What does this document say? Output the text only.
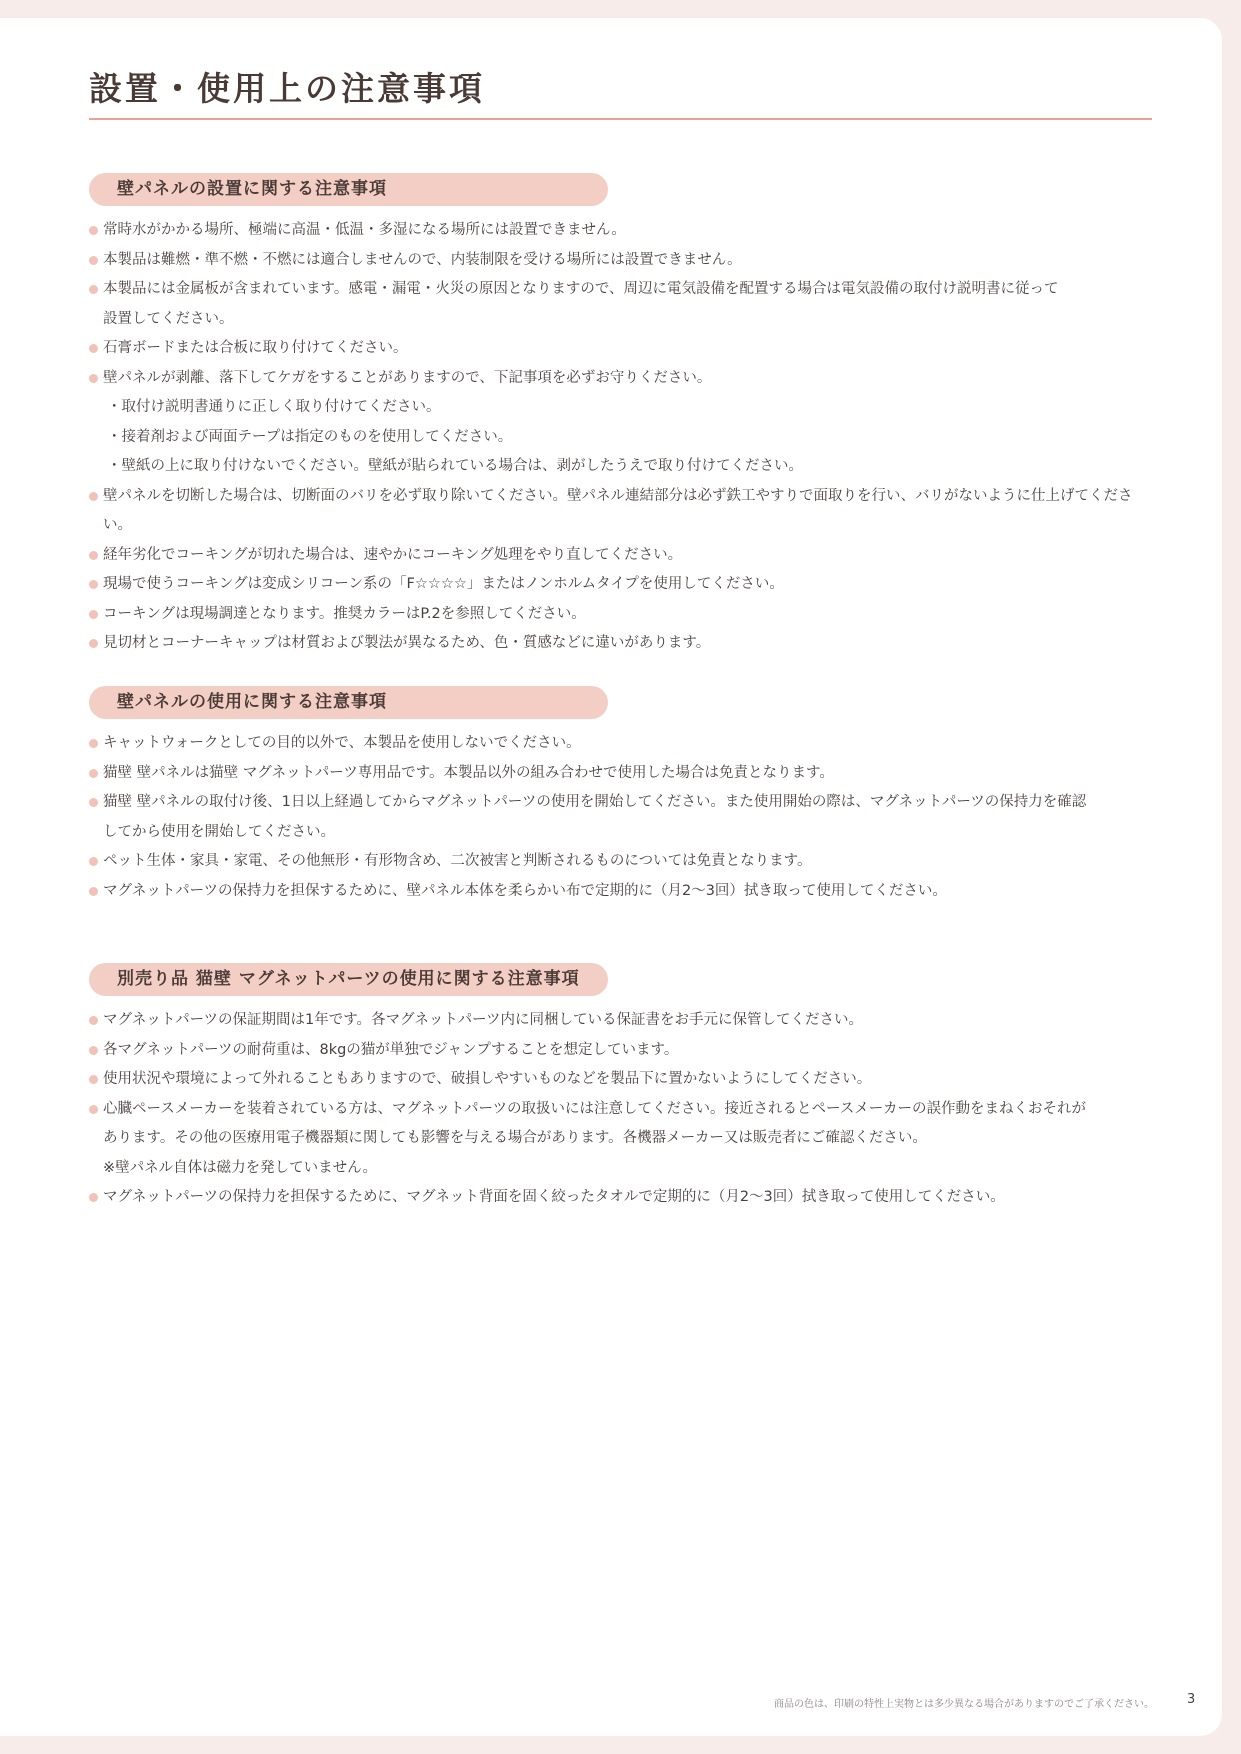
設置・使用上の注意事項
壁パネルの設置に関する注意事項
常時水がかかる場所、極端に高温・低温・多湿になる場所には設置できません。
本製品は難燃・準不燃・不燃には適合しませんので、内装制限を受ける場所には設置できません。
本製品には金属板が含まれています。感電・漏電・火災の原因となりますので、周辺に電気設備を配置する場合は電気設備の取付け説明書に従って
設置してください。
石膏ボードまたは合板に取り付けてください。
壁パネルが剥離、落下してケガをすることがありますので、下記事項を必ずお守りください。
・取付け説明書通りに正しく取り付けてください。
・接着剤および両面テープは指定のものを使用してください。
・壁紙の上に取り付けないでください。壁紙が貼られている場合は、剥がしたうえで取り付けてください。
壁パネルを切断した場合は、切断面のバリを必ず取り除いてください。壁パネル連結部分は必ず鉄工やすりで面取りを行い、バリがないように仕上げてください。
経年劣化でコーキングが切れた場合は、速やかにコーキング処理をやり直してください。
現場で使うコーキングは変成シリコーン系の「F☆☆☆☆」またはノンホルムタイプを使用してください。
コーキングは現場調達となります。推奨カラーはP.2を参照してください。
見切材とコーナーキャップは材質および製法が異なるため、色・質感などに違いがあります。
壁パネルの使用に関する注意事項
キャットウォークとしての目的以外で、本製品を使用しないでください。
猫壁 壁パネルは猫壁 マグネットパーツ専用品です。本製品以外の組み合わせで使用した場合は免責となります。
猫壁 壁パネルの取付け後、1日以上経過してからマグネットパーツの使用を開始してください。また使用開始の際は、マグネットパーツの保持力を確認
してから使用を開始してください。
ペット生体・家具・家電、その他無形・有形物含め、二次被害と判断されるものについては免責となります。
マグネットパーツの保持力を担保するために、壁パネル本体を柔らかい布で定期的に（月2〜3回）拭き取って使用してください。
別売り品 猫壁 マグネットパーツの使用に関する注意事項
マグネットパーツの保証期間は1年です。各マグネットパーツ内に同梱している保証書をお手元に保管してください。
各マグネットパーツの耐荷重は、8kgの猫が単独でジャンプすることを想定しています。
使用状況や環境によって外れることもありますので、破損しやすいものなどを製品下に置かないようにしてください。
心臓ペースメーカーを装着されている方は、マグネットパーツの取扱いには注意してください。接近されるとペースメーカーの誤作動をまねくおそれが
あります。その他の医療用電子機器類に関しても影響を与える場合があります。各機器メーカー又は販売者にご確認ください。
※壁パネル自体は磁力を発していません。
マグネットパーツの保持力を担保するために、マグネット背面を固く絞ったタオルで定期的に（月2〜3回）拭き取って使用してください。
商品の色は、印刷の特性上実物とは多少異なる場合がありますのでご了承ください。	3
